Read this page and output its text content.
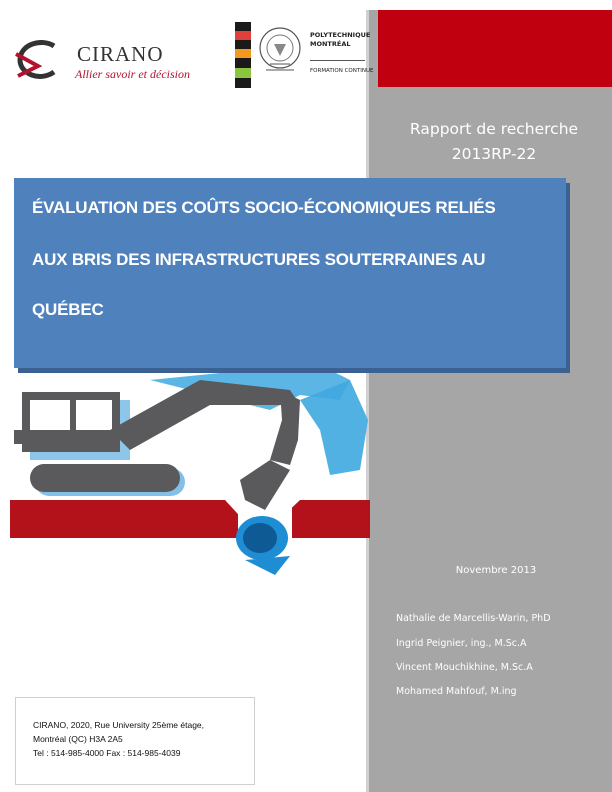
Rapport de recherche
2013RP-22
CIRANO
Allier savoir et décision
POLYTECHNIQUE
MONTRÉAL
FORMATION CONTINUE
ÉVALUATION DES COÛTS SOCIO-ÉCONOMIQUES RELIÉS
AUX BRIS DES INFRASTRUCTURES SOUTERRAINES AU
QUÉBEC
Novembre 2013
Nathalie de Marcellis-Warin, PhD
Ingrid Peignier, ing., M.Sc.A
Vincent Mouchikhine, M.Sc.A
Mohamed Mahfouf, M.ing
CIRANO, 2020, Rue University 25ème étage,
Montréal (QC) H3A 2A5
Tel : 514-985-4000 Fax : 514-985-4039
